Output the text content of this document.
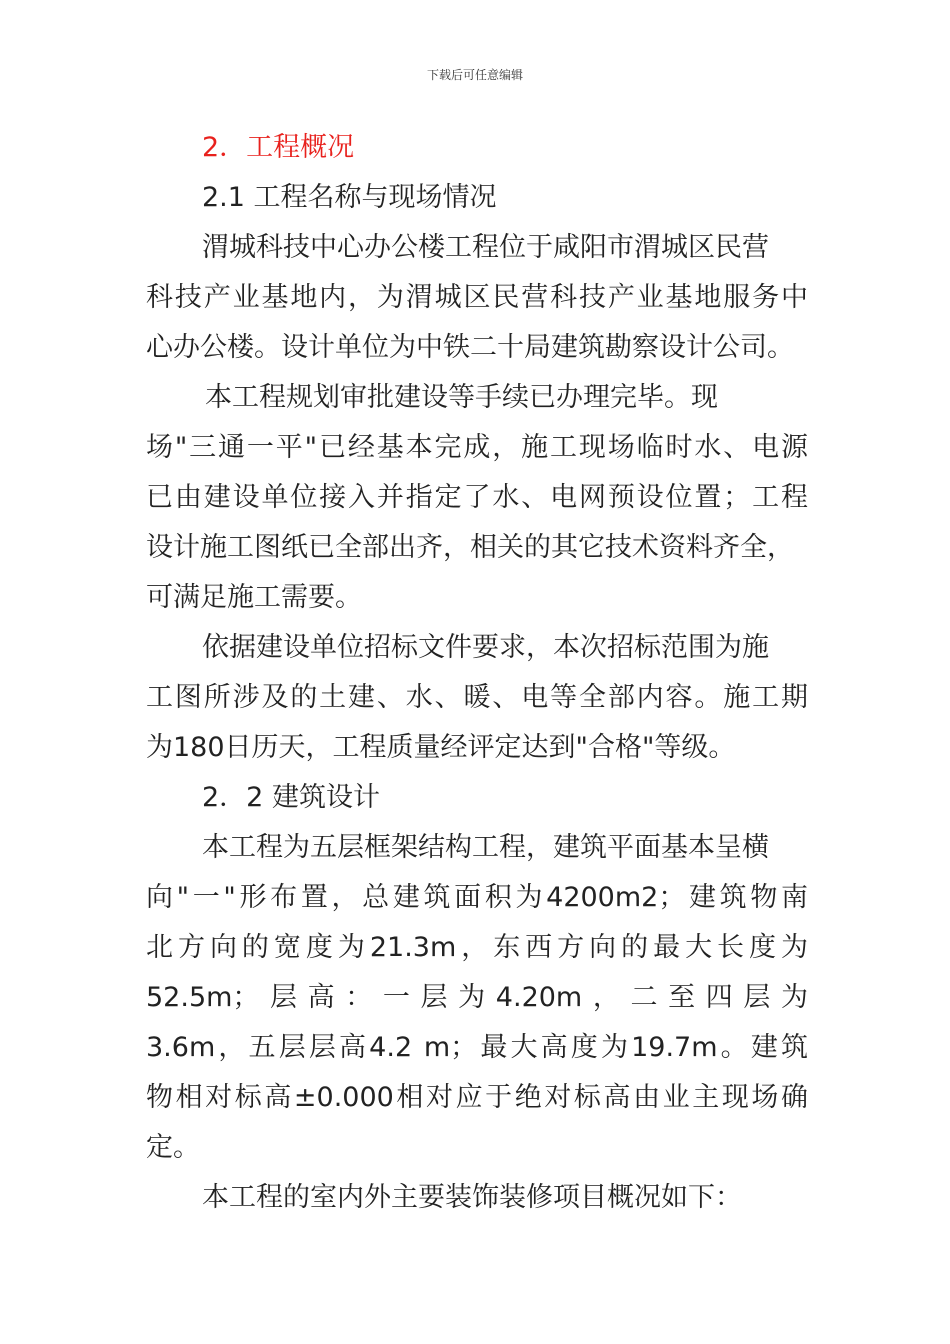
下载后可任意编辑
2．工程概况
2.1 工程名称与现场情况
渭城科技中心办公楼工程位于咸阳市渭城区民营
科技产业基地内，为渭城区民营科技产业基地服务中
心办公楼。设计单位为中铁二十局建筑勘察设计公司。
本工程规划审批建设等手续已办理完毕。现
场"三通一平"已经基本完成，施工现场临时水、电源
已由建设单位接入并指定了水、电网预设位置；工程
设计施工图纸已全部出齐，相关的其它技术资料齐全，
可满足施工需要。
依据建设单位招标文件要求，本次招标范围为施
工图所涉及的土建、水、暖、电等全部内容。施工期
为180日历天，工程质量经评定达到"合格"等级。
2．2 建筑设计
本工程为五层框架结构工程，建筑平面基本呈横
向"一"形布置，总建筑面积为4200m2；建筑物南
北方向的宽度为21.3m，东西方向的最大长度为
52.5m；层高：一层为4.20m，二至四层为
3.6m，五层层高4.2 m；最大高度为19.7m。建筑
物相对标高±0.000相对应于绝对标高由业主现场确
定。
本工程的室内外主要装饰装修项目概况如下：
